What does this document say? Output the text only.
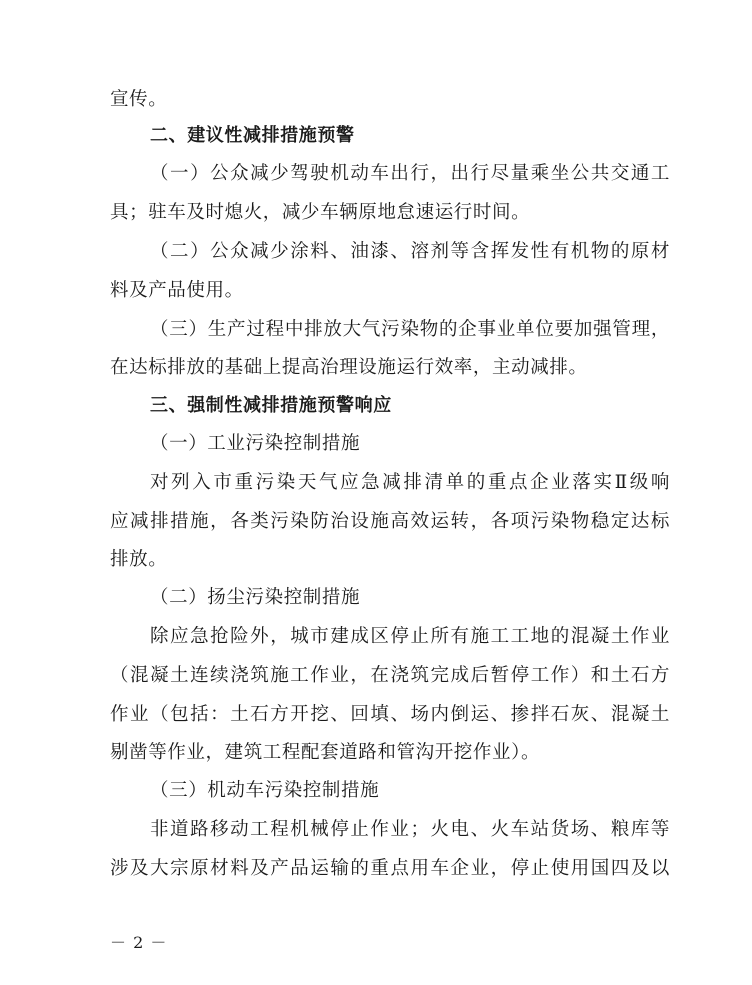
宣传。
二、建议性减排措施预警
（一）公众减少驾驶机动车出行，出行尽量乘坐公共交通工
具；驻车及时熄火，减少车辆原地怠速运行时间。
（二）公众减少涂料、油漆、溶剂等含挥发性有机物的原材
料及产品使用。
（三）生产过程中排放大气污染物的企事业单位要加强管理，
在达标排放的基础上提高治理设施运行效率，主动减排。
三、强制性减排措施预警响应
（一）工业污染控制措施
对列入市重污染天气应急减排清单的重点企业落实Ⅱ级响
应减排措施，各类污染防治设施高效运转，各项污染物稳定达标
排放。
（二）扬尘污染控制措施
除应急抢险外，城市建成区停止所有施工工地的混凝土作业
（混凝土连续浇筑施工作业，在浇筑完成后暂停工作）和土石方
作业（包括：土石方开挖、回填、场内倒运、掺拌石灰、混凝土
剔凿等作业，建筑工程配套道路和管沟开挖作业）。
（三）机动车污染控制措施
非道路移动工程机械停止作业；火电、火车站货场、粮库等
涉及大宗原材料及产品运输的重点用车企业，停止使用国四及以
－ 2 －
